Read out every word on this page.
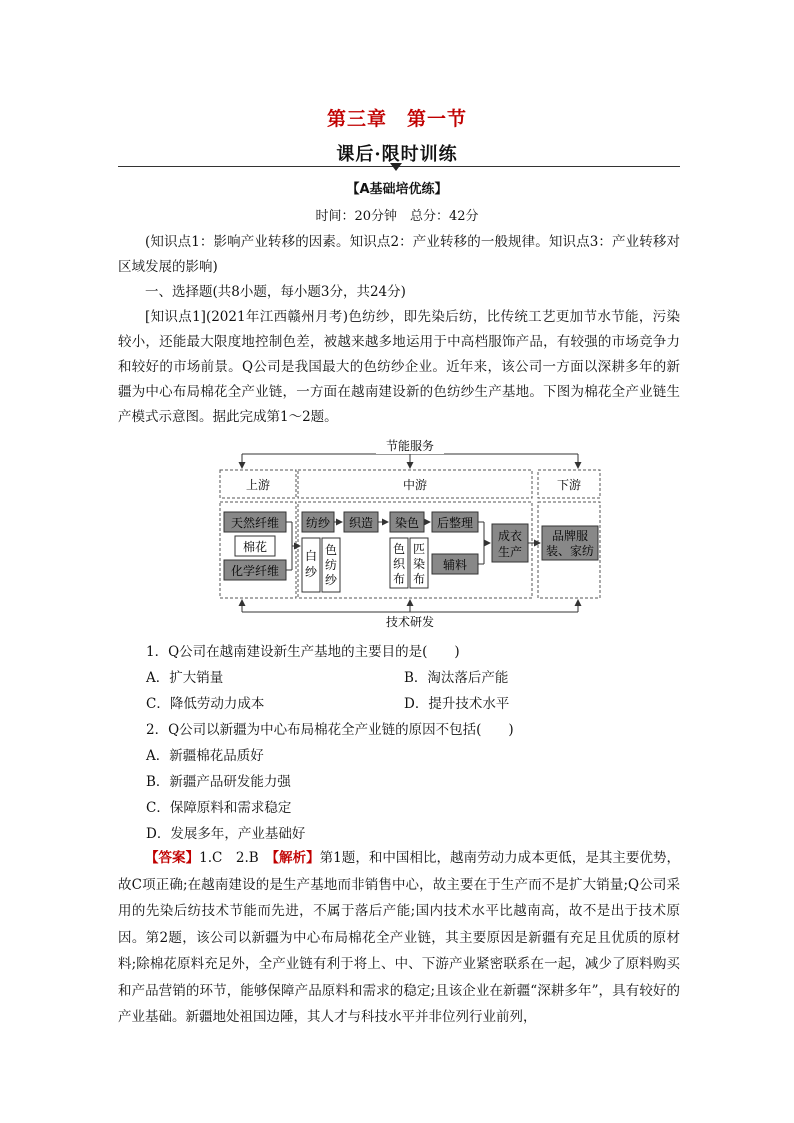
第三章　第一节
课后·限时训练
【A基础培优练】
时间：20分钟　总分：42分
(知识点1：影响产业转移的因素。知识点2：产业转移的一般规律。知识点3：产业转移对区域发展的影响)
一、选择题(共8小题，每小题3分，共24分)
[知识点1](2021年江西赣州月考)色纺纱，即先染后纺，比传统工艺更加节水节能，污染较小，还能最大限度地控制色差，被越来越多地运用于中高档服饰产品，有较强的市场竞争力和较好的市场前景。Q公司是我国最大的色纺纱企业。近年来，该公司一方面以深耕多年的新疆为中心布局棉花全产业链，一方面在越南建设新的色纺纱生产基地。下图为棉花全产业链生产模式示意图。据此完成第1～2题。
节能服务
上游	中游	下游
天然纤维
棉花
化学纤维
纺纱 织造 染色 后整理
白
纱
色
纺
纱
色
织
布
匹
染
布
辅料
成衣
生产
品牌服
装、家纺
技术研发
1．Q公司在越南建设新生产基地的主要目的是(　　)
A．扩大销量	B．淘汰落后产能
C．降低劳动力成本	D．提升技术水平
2．Q公司以新疆为中心布局棉花全产业链的原因不包括(　　)
A．新疆棉花品质好
B．新疆产品研发能力强
C．保障原料和需求稳定
D．发展多年，产业基础好
【答案】1.C　2.B　【解析】第1题，和中国相比，越南劳动力成本更低，是其主要优势，故C项正确;在越南建设的是生产基地而非销售中心，故主要在于生产而不是扩大销量;Q公司采用的先染后纺技术节能而先进，不属于落后产能;国内技术水平比越南高，故不是出于技术原因。第2题，该公司以新疆为中心布局棉花全产业链，其主要原因是新疆有充足且优质的原材料;除棉花原料充足外，全产业链有利于将上、中、下游产业紧密联系在一起，减少了原料购买和产品营销的环节，能够保障产品原料和需求的稳定;且该企业在新疆“深耕多年”，具有较好的产业基础。新疆地处祖国边陲，其人才与科技水平并非位列行业前列，
